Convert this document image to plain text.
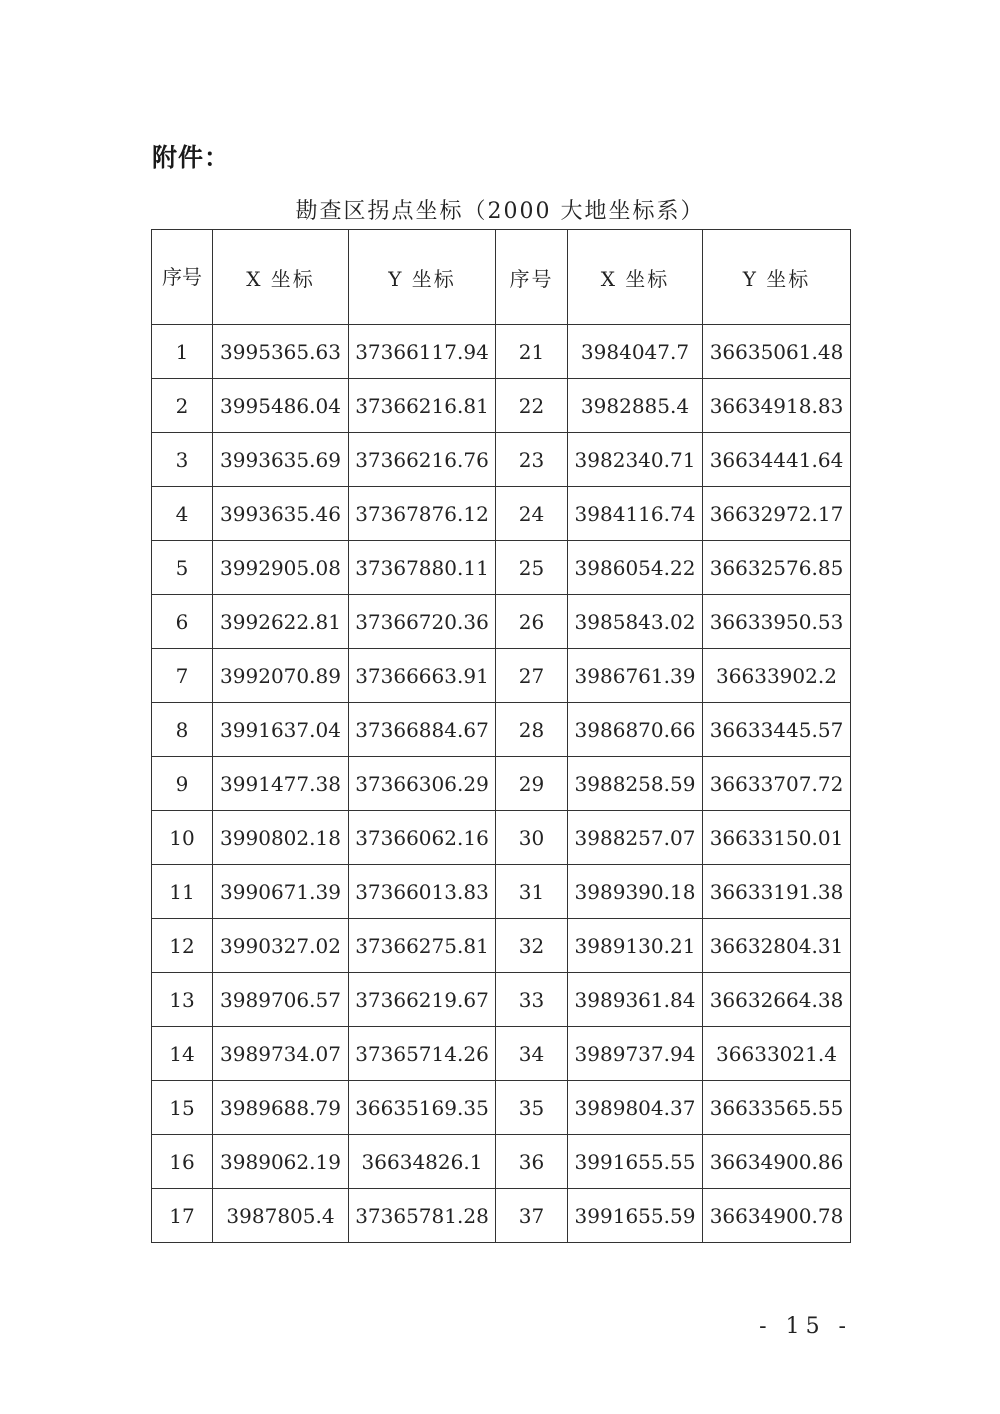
附件：
勘查区拐点坐标（2000 大地坐标系）
序号	X 坐标	Y 坐标	序号	X 坐标	Y 坐标
1	3995365.63	37366117.94	21	3984047.7	36635061.48
2	3995486.04	37366216.81	22	3982885.4	36634918.83
3	3993635.69	37366216.76	23	3982340.71	36634441.64
4	3993635.46	37367876.12	24	3984116.74	36632972.17
5	3992905.08	37367880.11	25	3986054.22	36632576.85
6	3992622.81	37366720.36	26	3985843.02	36633950.53
7	3992070.89	37366663.91	27	3986761.39	36633902.2
8	3991637.04	37366884.67	28	3986870.66	36633445.57
9	3991477.38	37366306.29	29	3988258.59	36633707.72
10	3990802.18	37366062.16	30	3988257.07	36633150.01
11	3990671.39	37366013.83	31	3989390.18	36633191.38
12	3990327.02	37366275.81	32	3989130.21	36632804.31
13	3989706.57	37366219.67	33	3989361.84	36632664.38
14	3989734.07	37365714.26	34	3989737.94	36633021.4
15	3989688.79	36635169.35	35	3989804.37	36633565.55
16	3989062.19	36634826.1	36	3991655.55	36634900.86
17	3987805.4	37365781.28	37	3991655.59	36634900.78
- 15 -
